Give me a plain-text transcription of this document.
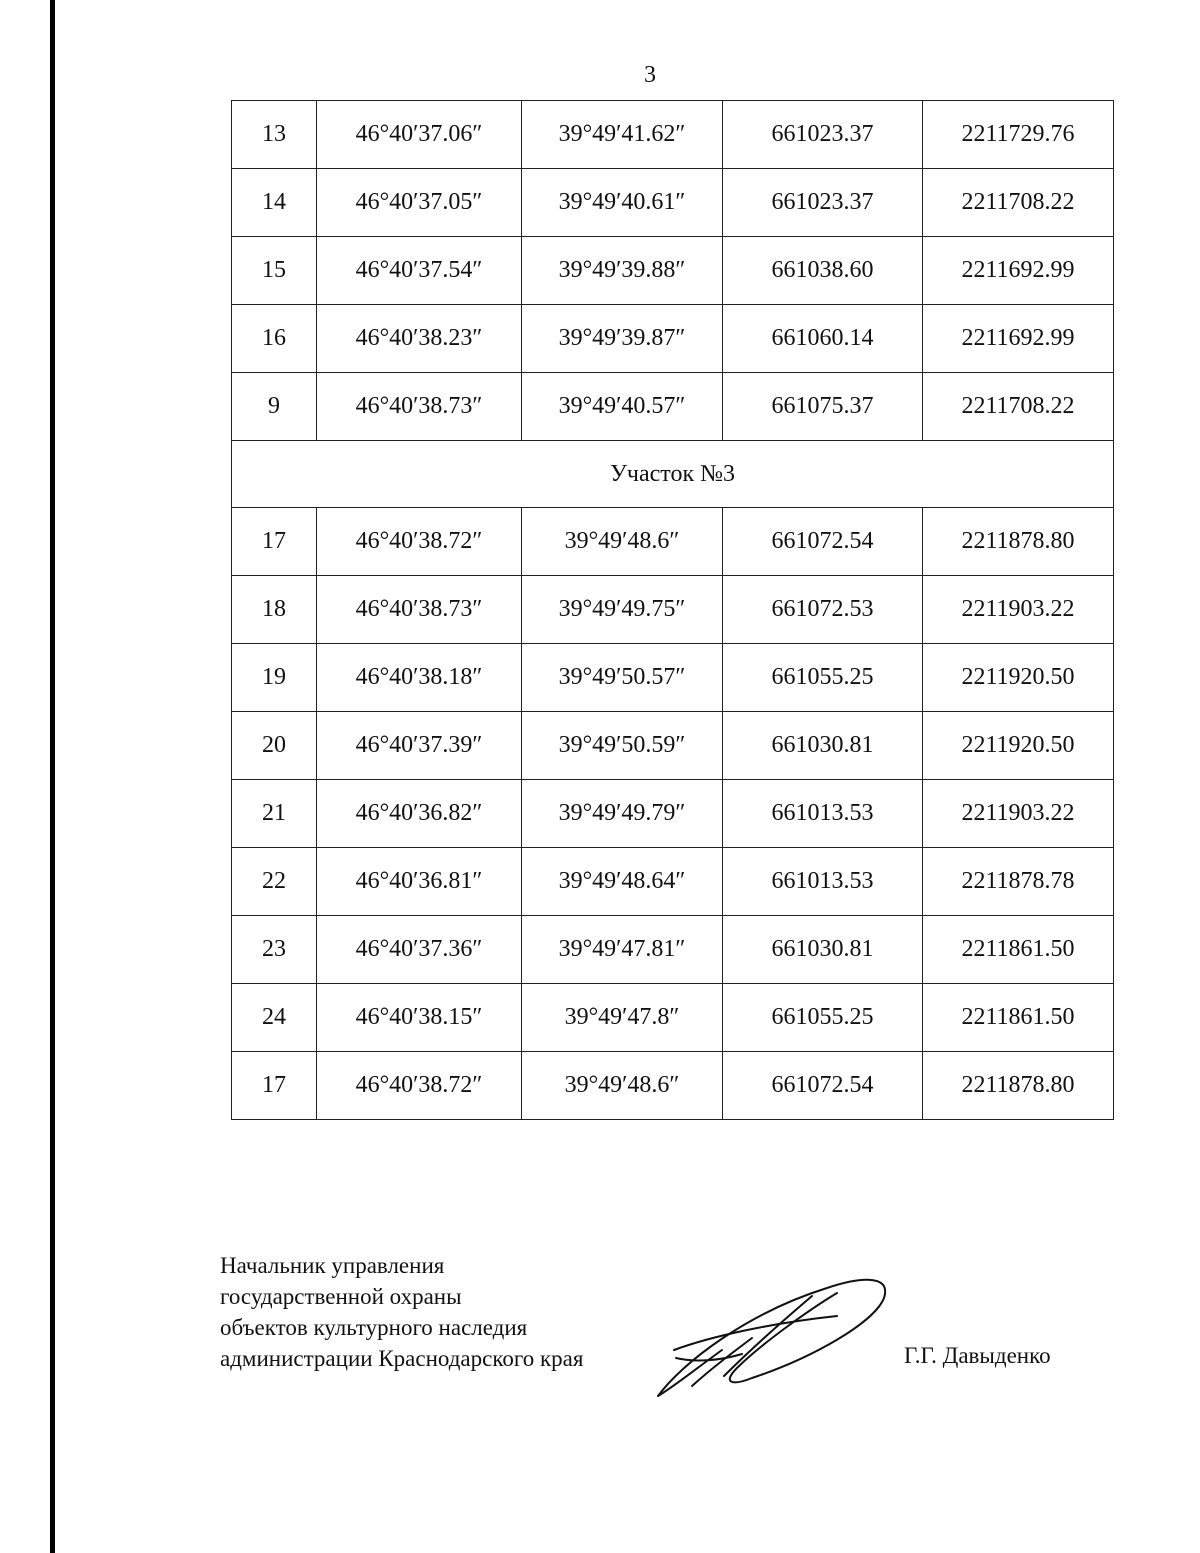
3
13	46°40′37.06″	39°49′41.62″	661023.37	2211729.76
14	46°40′37.05″	39°49′40.61″	661023.37	2211708.22
15	46°40′37.54″	39°49′39.88″	661038.60	2211692.99
16	46°40′38.23″	39°49′39.87″	661060.14	2211692.99
9	46°40′38.73″	39°49′40.57″	661075.37	2211708.22
Участок №3				
17	46°40′38.72″	39°49′48.6″	661072.54	2211878.80
18	46°40′38.73″	39°49′49.75″	661072.53	2211903.22
19	46°40′38.18″	39°49′50.57″	661055.25	2211920.50
20	46°40′37.39″	39°49′50.59″	661030.81	2211920.50
21	46°40′36.82″	39°49′49.79″	661013.53	2211903.22
22	46°40′36.81″	39°49′48.64″	661013.53	2211878.78
23	46°40′37.36″	39°49′47.81″	661030.81	2211861.50
24	46°40′38.15″	39°49′47.8″	661055.25	2211861.50
17	46°40′38.72″	39°49′48.6″	661072.54	2211878.80
Начальник управления
государственной охраны
объектов культурного наследия
администрации Краснодарского края	Г.Г. Давыденко
